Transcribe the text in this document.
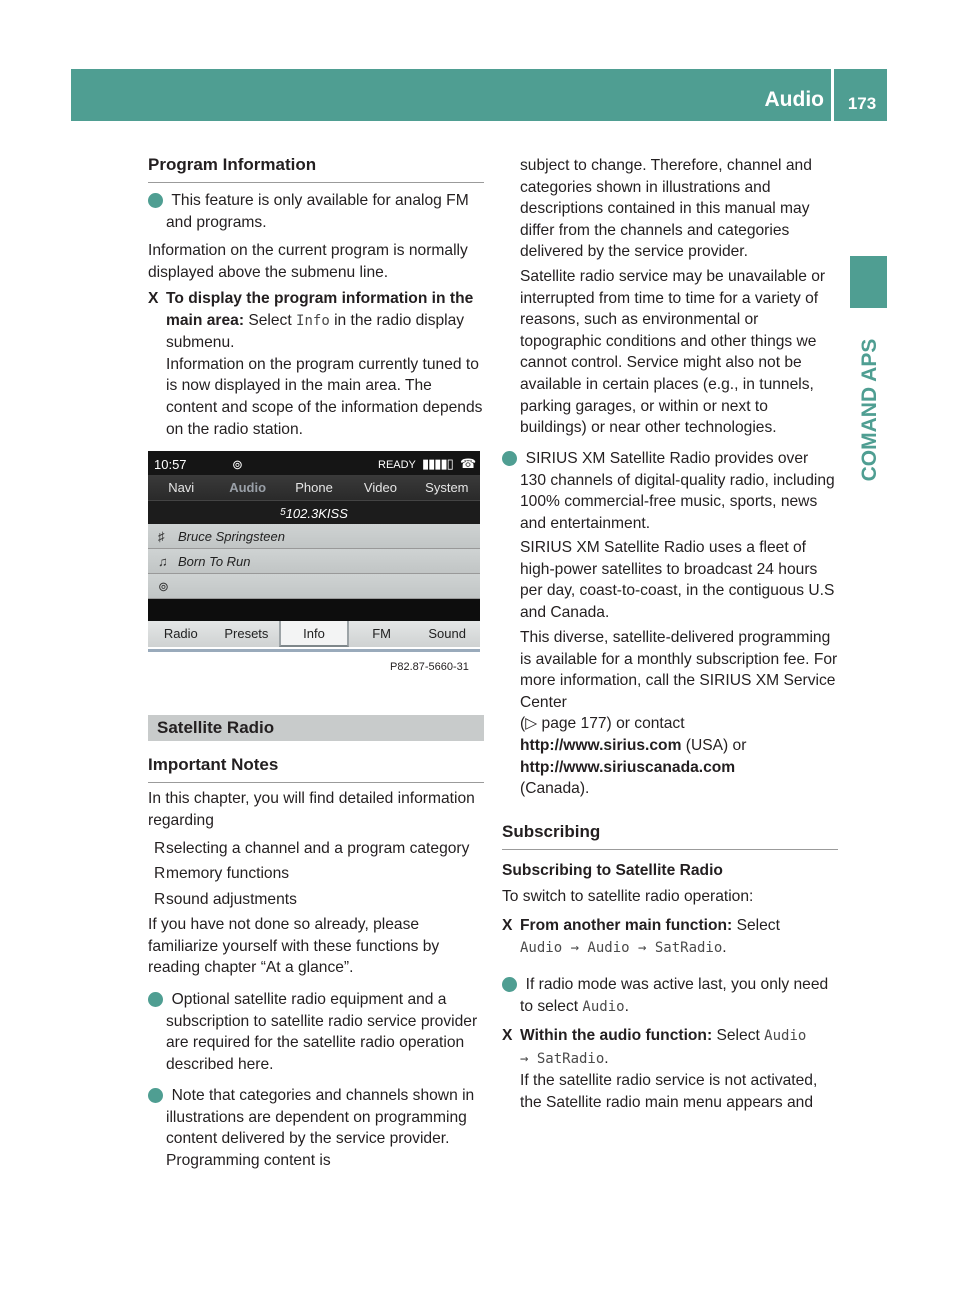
Audio	173
COMAND APS
Program Information

i This feature is only available for analog FM and programs.

Information on the current program is normally displayed above the submenu line.
X To display the program information in the main area: Select Info in the radio display submenu.

Information on the program currently tuned to is now displayed in the main area. The content and scope of the information depends on the radio station.

10:57	⊚	READY ▮▮▮▮▯ ☎
Navi	Audio	Phone	Video	System
$^5$102.3KISS
♯ Bruce Springsteen
♫ Born To Run
⊚
Radio	Presets	Info	FM	Sound
P82.87-5660-31
Satellite Radio
Important Notes
In this chapter, you will find detailed information regarding
R selecting a channel and a program category
R memory functions
R sound adjustments
If you have not done so already, please familiarize yourself with these functions by reading chapter “At a glance”.

i Optional satellite radio equipment and a subscription to satellite radio service provider are required for the satellite radio operation described here.

i Note that categories and channels shown in illustrations are dependent on programming content delivered by the service provider. Programming content is

subject to change. Therefore, channel and categories shown in illustrations and descriptions contained in this manual may differ from the channels and categories delivered by the service provider.
Satellite radio service may be unavailable or interrupted from time to time for a variety of reasons, such as environmental or topographic conditions and other things we cannot control. Service might also not be available in certain places (e.g., in tunnels, parking garages, or within or next to buildings) or near other technologies.

i SIRIUS XM Satellite Radio provides over 130 channels of digital-quality radio, including 100% commercial-free music, sports, news and entertainment.

SIRIUS XM Satellite Radio uses a fleet of high-power satellites to broadcast 24 hours per day, coast-to-coast, in the contiguous U.S and Canada.

This diverse, satellite-delivered programming is available for a monthly subscription fee. For more information, call the SIRIUS XM Service Center

(▷ page 177) or contact

http://www.sirius.com (USA) or

http://www.siriuscanada.com

(Canada).

Subscribing
Subscribing to Satellite Radio
To switch to satellite radio operation:
X From another main function: Select

Audio → Audio → SatRadio.

i If radio mode was active last, you only need to select Audio.

X Within the audio function: Select Audio

→ SatRadio.

If the satellite radio service is not activated, the Satellite radio main menu appears and
